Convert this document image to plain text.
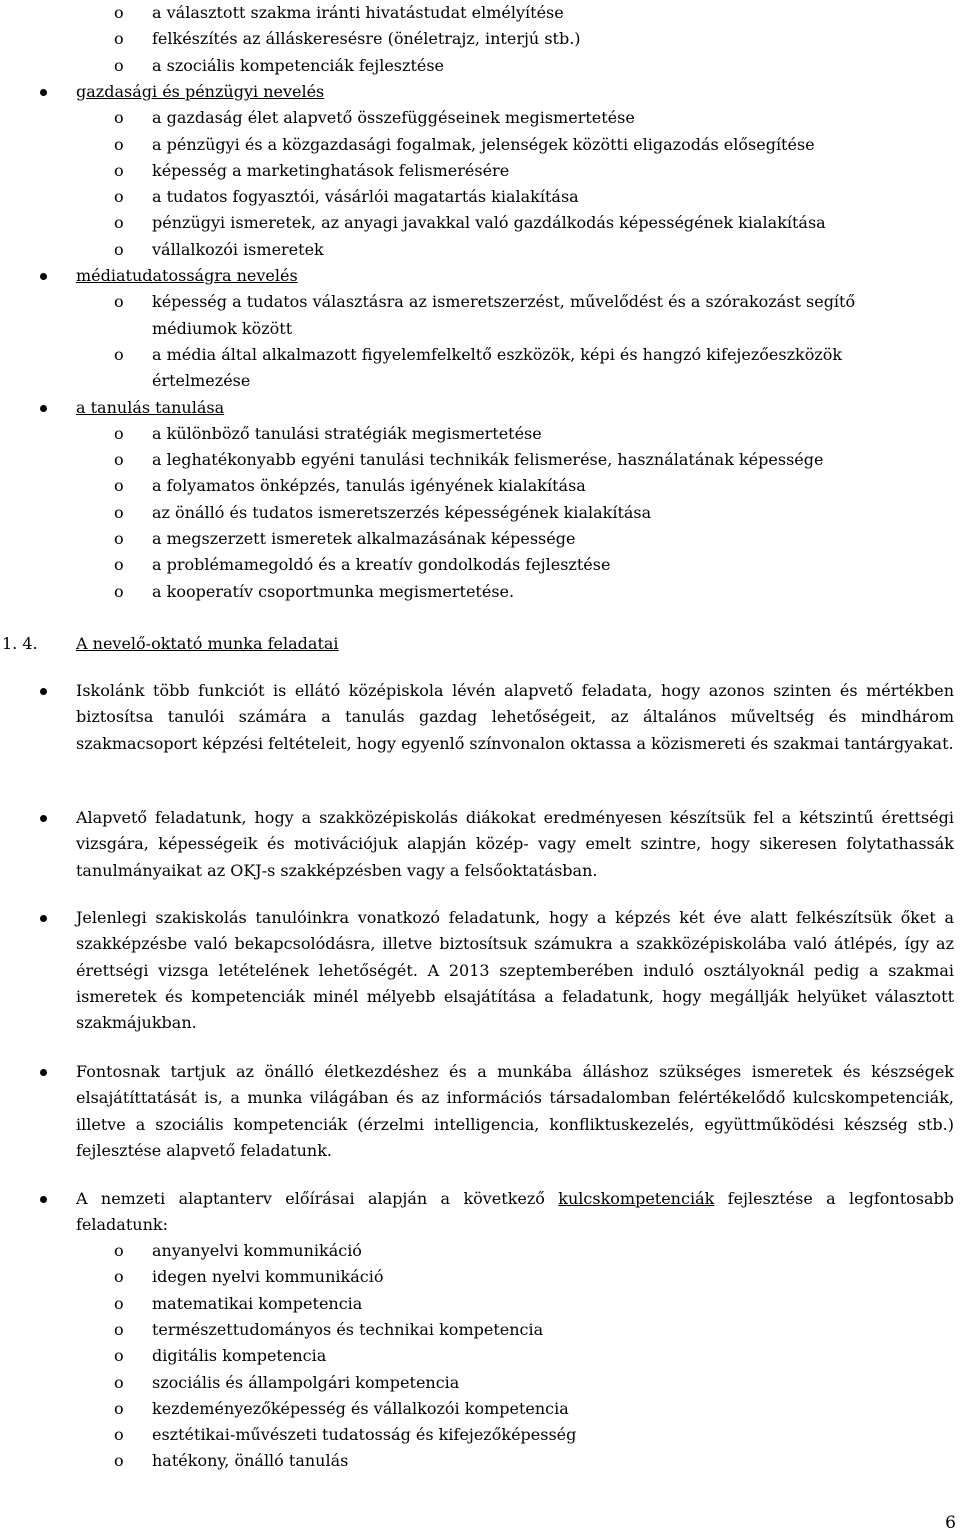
o a választott szakma iránti hivatástudat elmélyítése
o felkészítés az álláskeresésre (önéletrajz, interjú stb.)
o a szociális kompetenciák fejlesztése
gazdasági és pénzügyi nevelés
o a gazdaság élet alapvető összefüggéseinek megismertetése
o a pénzügyi és a közgazdasági fogalmak, jelenségek közötti eligazodás elősegítése
o képesség a marketinghatások felismerésére
o a tudatos fogyasztói, vásárlói magatartás kialakítása
o pénzügyi ismeretek, az anyagi javakkal való gazdálkodás képességének kialakítása
o vállalkozói ismeretek
médiatudatosságra nevelés
o képesség a tudatos választásra az ismeretszerzést, művelődést és a szórakozást segítő
médiumok között
o a média által alkalmazott figyelemfelkeltő eszközök, képi és hangzó kifejezőeszközök
értelmezése
a tanulás tanulása
o a különböző tanulási stratégiák megismertetése
o a leghatékonyabb egyéni tanulási technikák felismerése, használatának képessége
o a folyamatos önképzés, tanulás igényének kialakítása
o az önálló és tudatos ismeretszerzés képességének kialakítása
o a megszerzett ismeretek alkalmazásának képessége
o a problémamegoldó és a kreatív gondolkodás fejlesztése
o a kooperatív csoportmunka megismertetése.
1. 4. A nevelő-oktató munka feladatai
Iskolánk több funkciót is ellátó középiskola lévén alapvető feladata, hogy azonos szinten és mértékben biztosítsa tanulói számára a tanulás gazdag lehetőségeit, az általános műveltség és mindhárom szakmacsoport képzési feltételeit, hogy egyenlő színvonalon oktassa a közismereti és szakmai tantárgyakat.
Alapvető feladatunk, hogy a szakközépiskolás diákokat eredményesen készítsük fel a kétszintű érettségi vizsgára, képességeik és motivációjuk alapján közép- vagy emelt szintre, hogy sikeresen folytathassák tanulmányaikat az OKJ-s szakképzésben vagy a felsőoktatásban.
Jelenlegi szakiskolás tanulóinkra vonatkozó feladatunk, hogy a képzés két éve alatt felkészítsük őket a szakképzésbe való bekapcsolódásra, illetve biztosítsuk számukra a szakközépiskolába való átlépés, így az érettségi vizsga letételének lehetőségét. A 2013 szeptemberében induló osztályoknál pedig a szakmai ismeretek és kompetenciák minél mélyebb elsajátítása a feladatunk, hogy megállják helyüket választott szakmájukban.
Fontosnak tartjuk az önálló életkezdéshez és a munkába álláshoz szükséges ismeretek és készségek elsajátíttatását is, a munka világában és az információs társadalomban felértékelődő kulcskompetenciák, illetve a szociális kompetenciák (érzelmi intelligencia, konfliktuskezelés, együttműködési készség stb.) fejlesztése alapvető feladatunk.
A nemzeti alaptanterv előírásai alapján a következő kulcskompetenciák fejlesztése a legfontosabb feladatunk:
o anyanyelvi kommunikáció
o idegen nyelvi kommunikáció
o matematikai kompetencia
o természettudományos és technikai kompetencia
o digitális kompetencia
o szociális és állampolgári kompetencia
o kezdeményezőképesség és vállalkozói kompetencia
o esztétikai-művészeti tudatosság és kifejezőképesség
o hatékony, önálló tanulás
6
